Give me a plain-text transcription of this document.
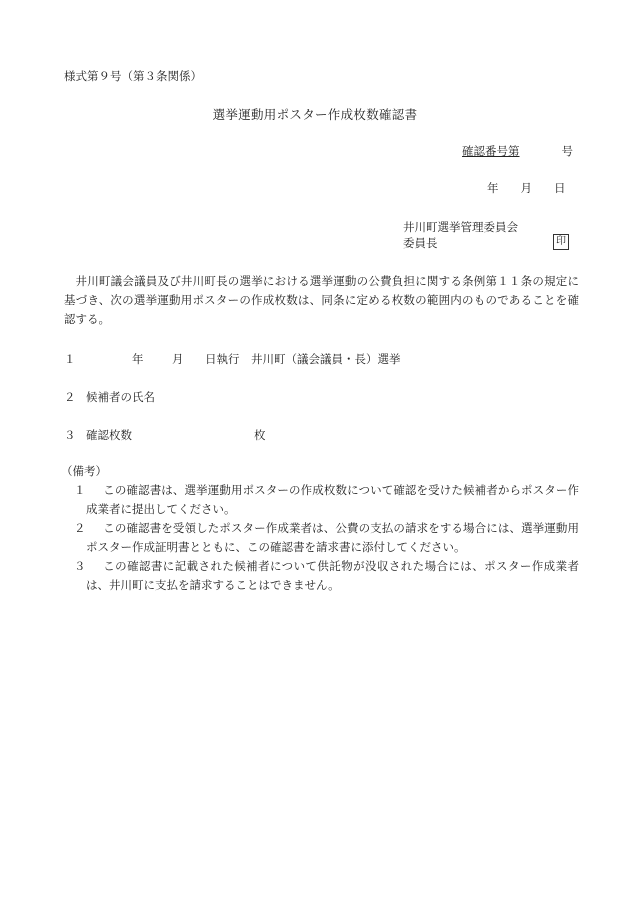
様式第９号（第３条関係）
選挙運動用ポスター作成枚数確認書
確認番号第	号
年 月 日
井川町選挙管理委員会
委員長	印
井川町議会議員及び井川町長の選挙における選挙運動の公費負担に関する条例第１１条の規定に基づき、次の選挙運動用ポスターの作成枚数は、同条に定める枚数の範囲内のものであることを確認する。
１	年 月 日執行　井川町（議会議員・長）選挙
２ 候補者の氏名
３ 確認枚数	枚
（備考）
１	この確認書は、選挙運動用ポスターの作成枚数について確認を受けた候補者からポスター作成業者に提出してください。
２	この確認書を受領したポスター作成業者は、公費の支払の請求をする場合には、選挙運動用ポスター作成証明書とともに、この確認書を請求書に添付してください。
３	この確認書に記載された候補者について供託物が没収された場合には、ポスター作成業者は、井川町に支払を請求することはできません。
